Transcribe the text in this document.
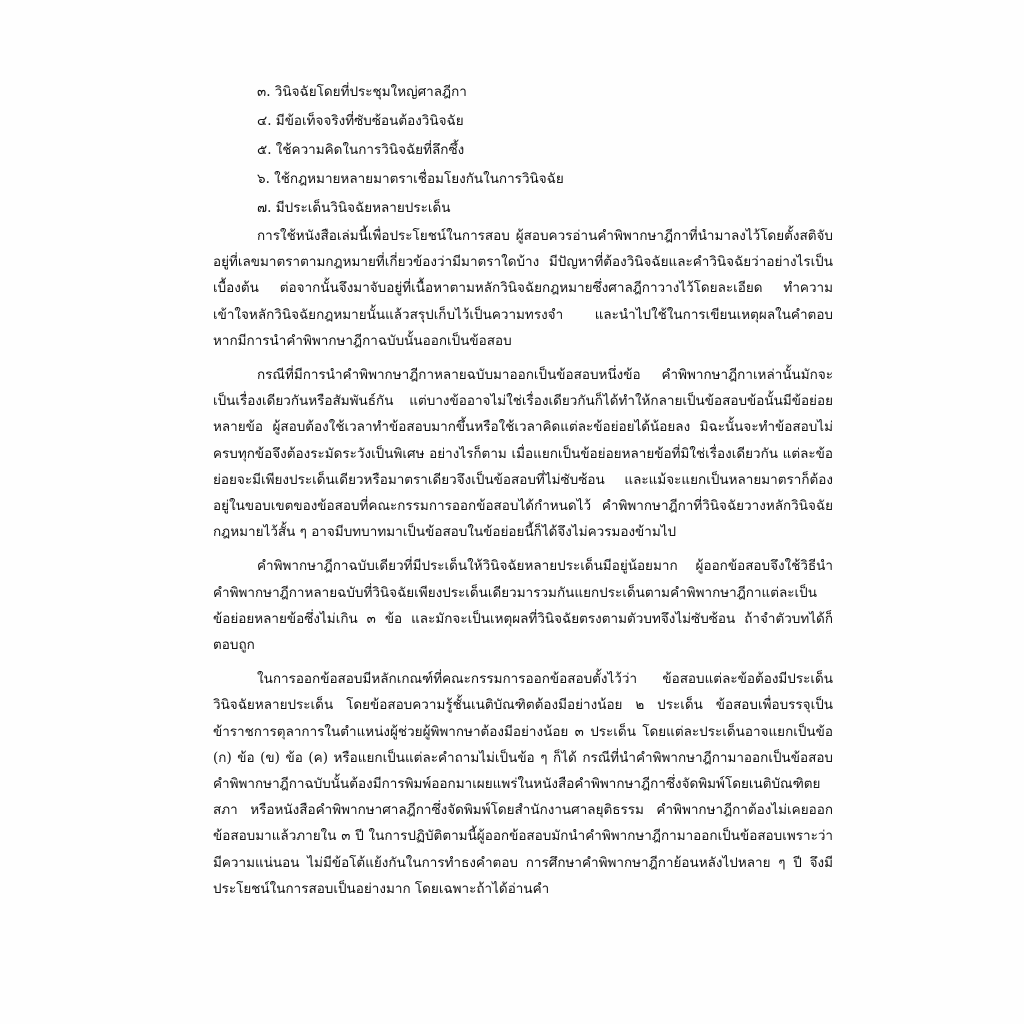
๓. วินิจฉัยโดยที่ประชุมใหญ่ศาลฎีกา
๔. มีข้อเท็จจริงที่ซับซ้อนต้องวินิจฉัย
๕. ใช้ความคิดในการวินิจฉัยที่ลึกซึ้ง
๖. ใช้กฎหมายหลายมาตราเชื่อมโยงกันในการวินิจฉัย
๗. มีประเด็นวินิจฉัยหลายประเด็น

การใช้หนังสือเล่มนี้เพื่อประโยชน์ในการสอบ ผู้สอบควรอ่านคำพิพากษาฎีกาที่นำมาลงไว้โดยตั้งสติจับอยู่ที่เลขมาตราตามกฎหมายที่เกี่ยวข้องว่ามีมาตราใดบ้าง มีปัญหาที่ต้องวินิจฉัยและคำวินิจฉัยว่าอย่างไรเป็นเบื้องต้น ต่อจากนั้นจึงมาจับอยู่ที่เนื้อหาตามหลักวินิจฉัยกฎหมายซึ่งศาลฎีกาวางไว้โดยละเอียด ทำความเข้าใจหลักวินิจฉัยกฎหมายนั้นแล้วสรุปเก็บไว้เป็นความทรงจำ และนำไปใช้ในการเขียนเหตุผลในคำตอบ หากมีการนำคำพิพากษาฎีกาฉบับนั้นออกเป็นข้อสอบ

กรณีที่มีการนำคำพิพากษาฎีกาหลายฉบับมาออกเป็นข้อสอบหนึ่งข้อ คำพิพากษาฎีกาเหล่านั้นมักจะเป็นเรื่องเดียวกันหรือสัมพันธ์กัน แต่บางข้ออาจไม่ใช่เรื่องเดียวกันก็ได้ทำให้กลายเป็นข้อสอบข้อนั้นมีข้อย่อยหลายข้อ ผู้สอบต้องใช้เวลาทำข้อสอบมากขึ้นหรือใช้เวลาคิดแต่ละข้อย่อยได้น้อยลง มิฉะนั้นจะทำข้อสอบไม่ครบทุกข้อจึงต้องระมัดระวังเป็นพิเศษ อย่างไรก็ตาม เมื่อแยกเป็นข้อย่อยหลายข้อที่มิใช่เรื่องเดียวกัน แต่ละข้อย่อยจะมีเพียงประเด็นเดียวหรือมาตราเดียวจึงเป็นข้อสอบที่ไม่ซับซ้อน และแม้จะแยกเป็นหลายมาตราก็ต้องอยู่ในขอบเขตของข้อสอบที่คณะกรรมการออกข้อสอบได้กำหนดไว้ คำพิพากษาฎีกาที่วินิจฉัยวางหลักวินิจฉัยกฎหมายไว้สั้น ๆ อาจมีบทบาทมาเป็นข้อสอบในข้อย่อยนี้ก็ได้จึงไม่ควรมองข้ามไป

คำพิพากษาฎีกาฉบับเดียวที่มีประเด็นให้วินิจฉัยหลายประเด็นมีอยู่น้อยมาก ผู้ออกข้อสอบจึงใช้วิธีนำคำพิพากษาฎีกาหลายฉบับที่วินิจฉัยเพียงประเด็นเดียวมารวมกันแยกประเด็นตามคำพิพากษาฎีกาแต่ละเป็นข้อย่อยหลายข้อซึ่งไม่เกิน ๓ ข้อ และมักจะเป็นเหตุผลที่วินิจฉัยตรงตามตัวบทจึงไม่ซับซ้อน ถ้าจำตัวบทได้ก็ตอบถูก

ในการออกข้อสอบมีหลักเกณฑ์ที่คณะกรรมการออกข้อสอบตั้งไว้ว่า ข้อสอบแต่ละข้อต้องมีประเด็นวินิจฉัยหลายประเด็น โดยข้อสอบความรู้ชั้นเนติบัณฑิตต้องมีอย่างน้อย ๒ ประเด็น ข้อสอบเพื่อบรรจุเป็นข้าราชการตุลาการในตำแหน่งผู้ช่วยผู้พิพากษาต้องมีอย่างน้อย ๓ ประเด็น โดยแต่ละประเด็นอาจแยกเป็นข้อ (ก) ข้อ (ข) ข้อ (ค) หรือแยกเป็นแต่ละคำถามไม่เป็นข้อ ๆ ก็ได้ กรณีที่นำคำพิพากษาฎีกามาออกเป็นข้อสอบคำพิพากษาฎีกาฉบับนั้นต้องมีการพิมพ์ออกมาเผยแพร่ในหนังสือคำพิพากษาฎีกาซึ่งจัดพิมพ์โดยเนติบัณฑิตยสภา หรือหนังสือคำพิพากษาศาลฎีกาซึ่งจัดพิมพ์โดยสำนักงานศาลยุติธรรม คำพิพากษาฎีกาต้องไม่เคยออกข้อสอบมาแล้วภายใน ๓ ปี ในการปฏิบัติตามนี้ผู้ออกข้อสอบมักนำคำพิพากษาฎีกามาออกเป็นข้อสอบเพราะว่ามีความแน่นอน ไม่มีข้อโต้แย้งกันในการทำธงคำตอบ การศึกษาคำพิพากษาฎีกาย้อนหลังไปหลาย ๆ ปี จึงมีประโยชน์ในการสอบเป็นอย่างมาก โดยเฉพาะถ้าได้อ่านคำ
